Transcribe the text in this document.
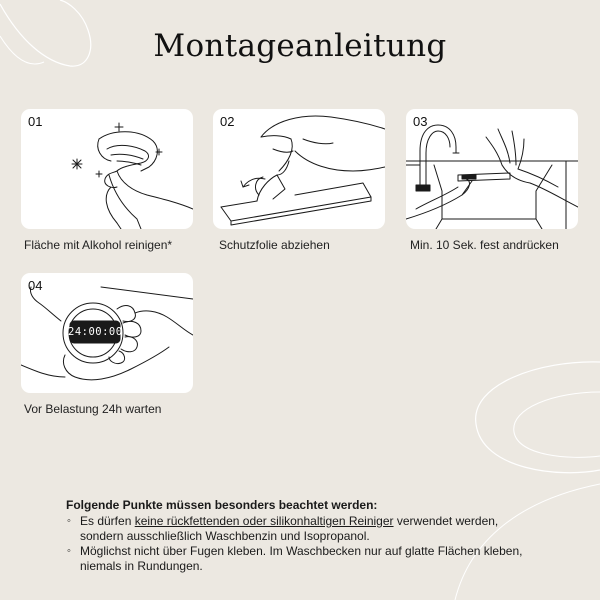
Montageanleitung
01
Fläche mit Alkohol reinigen*
02
Schutzfolie abziehen
03
Min. 10 Sek. fest andrücken
04
24:00:00
Vor Belastung 24h warten
Folgende Punkte müssen besonders beachtet werden:
◦ Es dürfen keine rückfettenden oder silikonhaltigen Reiniger verwendet werden, sondern ausschließlich Waschbenzin und Isopropanol.
◦ Möglichst nicht über Fugen kleben. Im Waschbecken nur auf glatte Flächen kleben, niemals in Rundungen.
